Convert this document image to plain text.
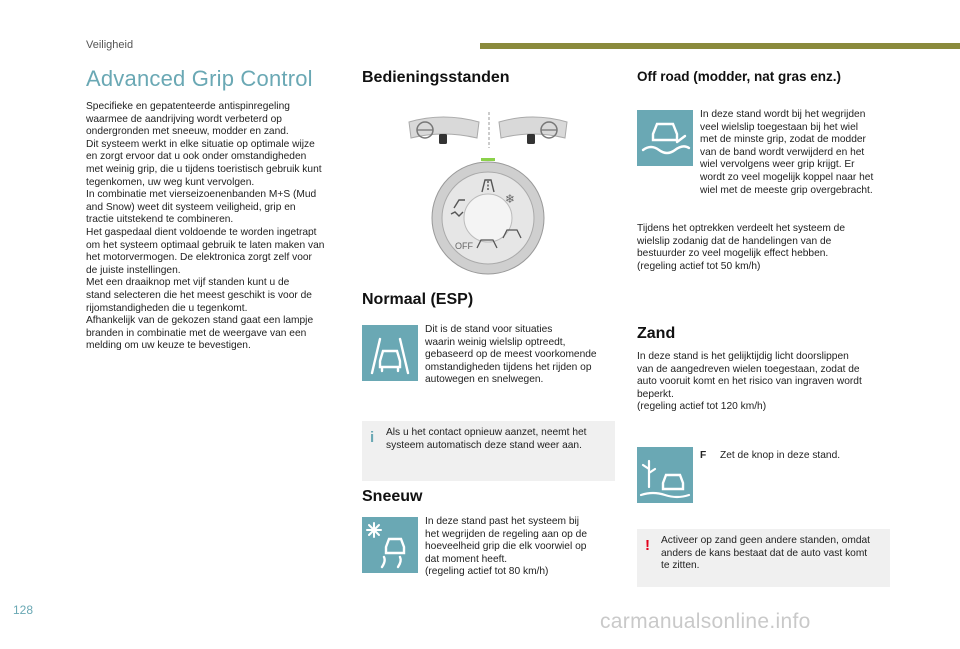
Veiligheid
Advanced Grip Control

Specifieke en gepatenteerde antispinregeling
waarmee de aandrijving wordt verbeterd op
ondergronden met sneeuw, modder en zand.
Dit systeem werkt in elke situatie op optimale wijze
en zorgt ervoor dat u ook onder omstandigheden
met weinig grip, die u tijdens toeristisch gebruik kunt
tegenkomen, uw weg kunt vervolgen.
In combinatie met vierseizoenenbanden M+S (Mud
and Snow) weet dit systeem veiligheid, grip en
tractie uitstekend te combineren.
Het gaspedaal dient voldoende te worden ingetrapt
om het systeem optimaal gebruik te laten maken van
het motorvermogen. De elektronica zorgt zelf voor
de juiste instellingen.
Met een draaiknop met vijf standen kunt u de
stand selecteren die het meest geschikt is voor de
rijomstandigheden die u tegenkomt.
Afhankelijk van de gekozen stand gaat een lampje
branden in combinatie met de weergave van een
melding om uw keuze te bevestigen.

Bedieningsstanden
❄
OFF
Normaal (ESP)

Dit is de stand voor situaties
waarin weinig wielslip optreedt,
gebaseerd op de meest voorkomende
omstandigheden tijdens het rijden op
autowegen en snelwegen.

i Als u het contact opnieuw aanzet, neemt het
systeem automatisch deze stand weer aan.

Sneeuw

In deze stand past het systeem bij
het wegrijden de regeling aan op de
hoeveelheid grip die elk voorwiel op
dat moment heeft.
(regeling actief tot 80 km/h)

Off road (modder, nat gras enz.)

In deze stand wordt bij het wegrijden
veel wielslip toegestaan bij het wiel
met de minste grip, zodat de modder
van de band wordt verwijderd en het
wiel vervolgens weer grip krijgt. Er
wordt zo veel mogelijk koppel naar het
wiel met de meeste grip overgebracht.

Tijdens het optrekken verdeelt het systeem de
wielslip zodanig dat de handelingen van de
bestuurder zo veel mogelijk effect hebben.
(regeling actief tot 50 km/h)

Zand

In deze stand is het gelijktijdig licht doorslippen
van de aangedreven wielen toegestaan, zodat de
auto vooruit komt en het risico van ingraven wordt
beperkt.
(regeling actief tot 120 km/h)

F Zet de knop in deze stand.
! Activeer op zand geen andere standen, omdat
anders de kans bestaat dat de auto vast komt
te zitten.

128	carmanualsonline.info
